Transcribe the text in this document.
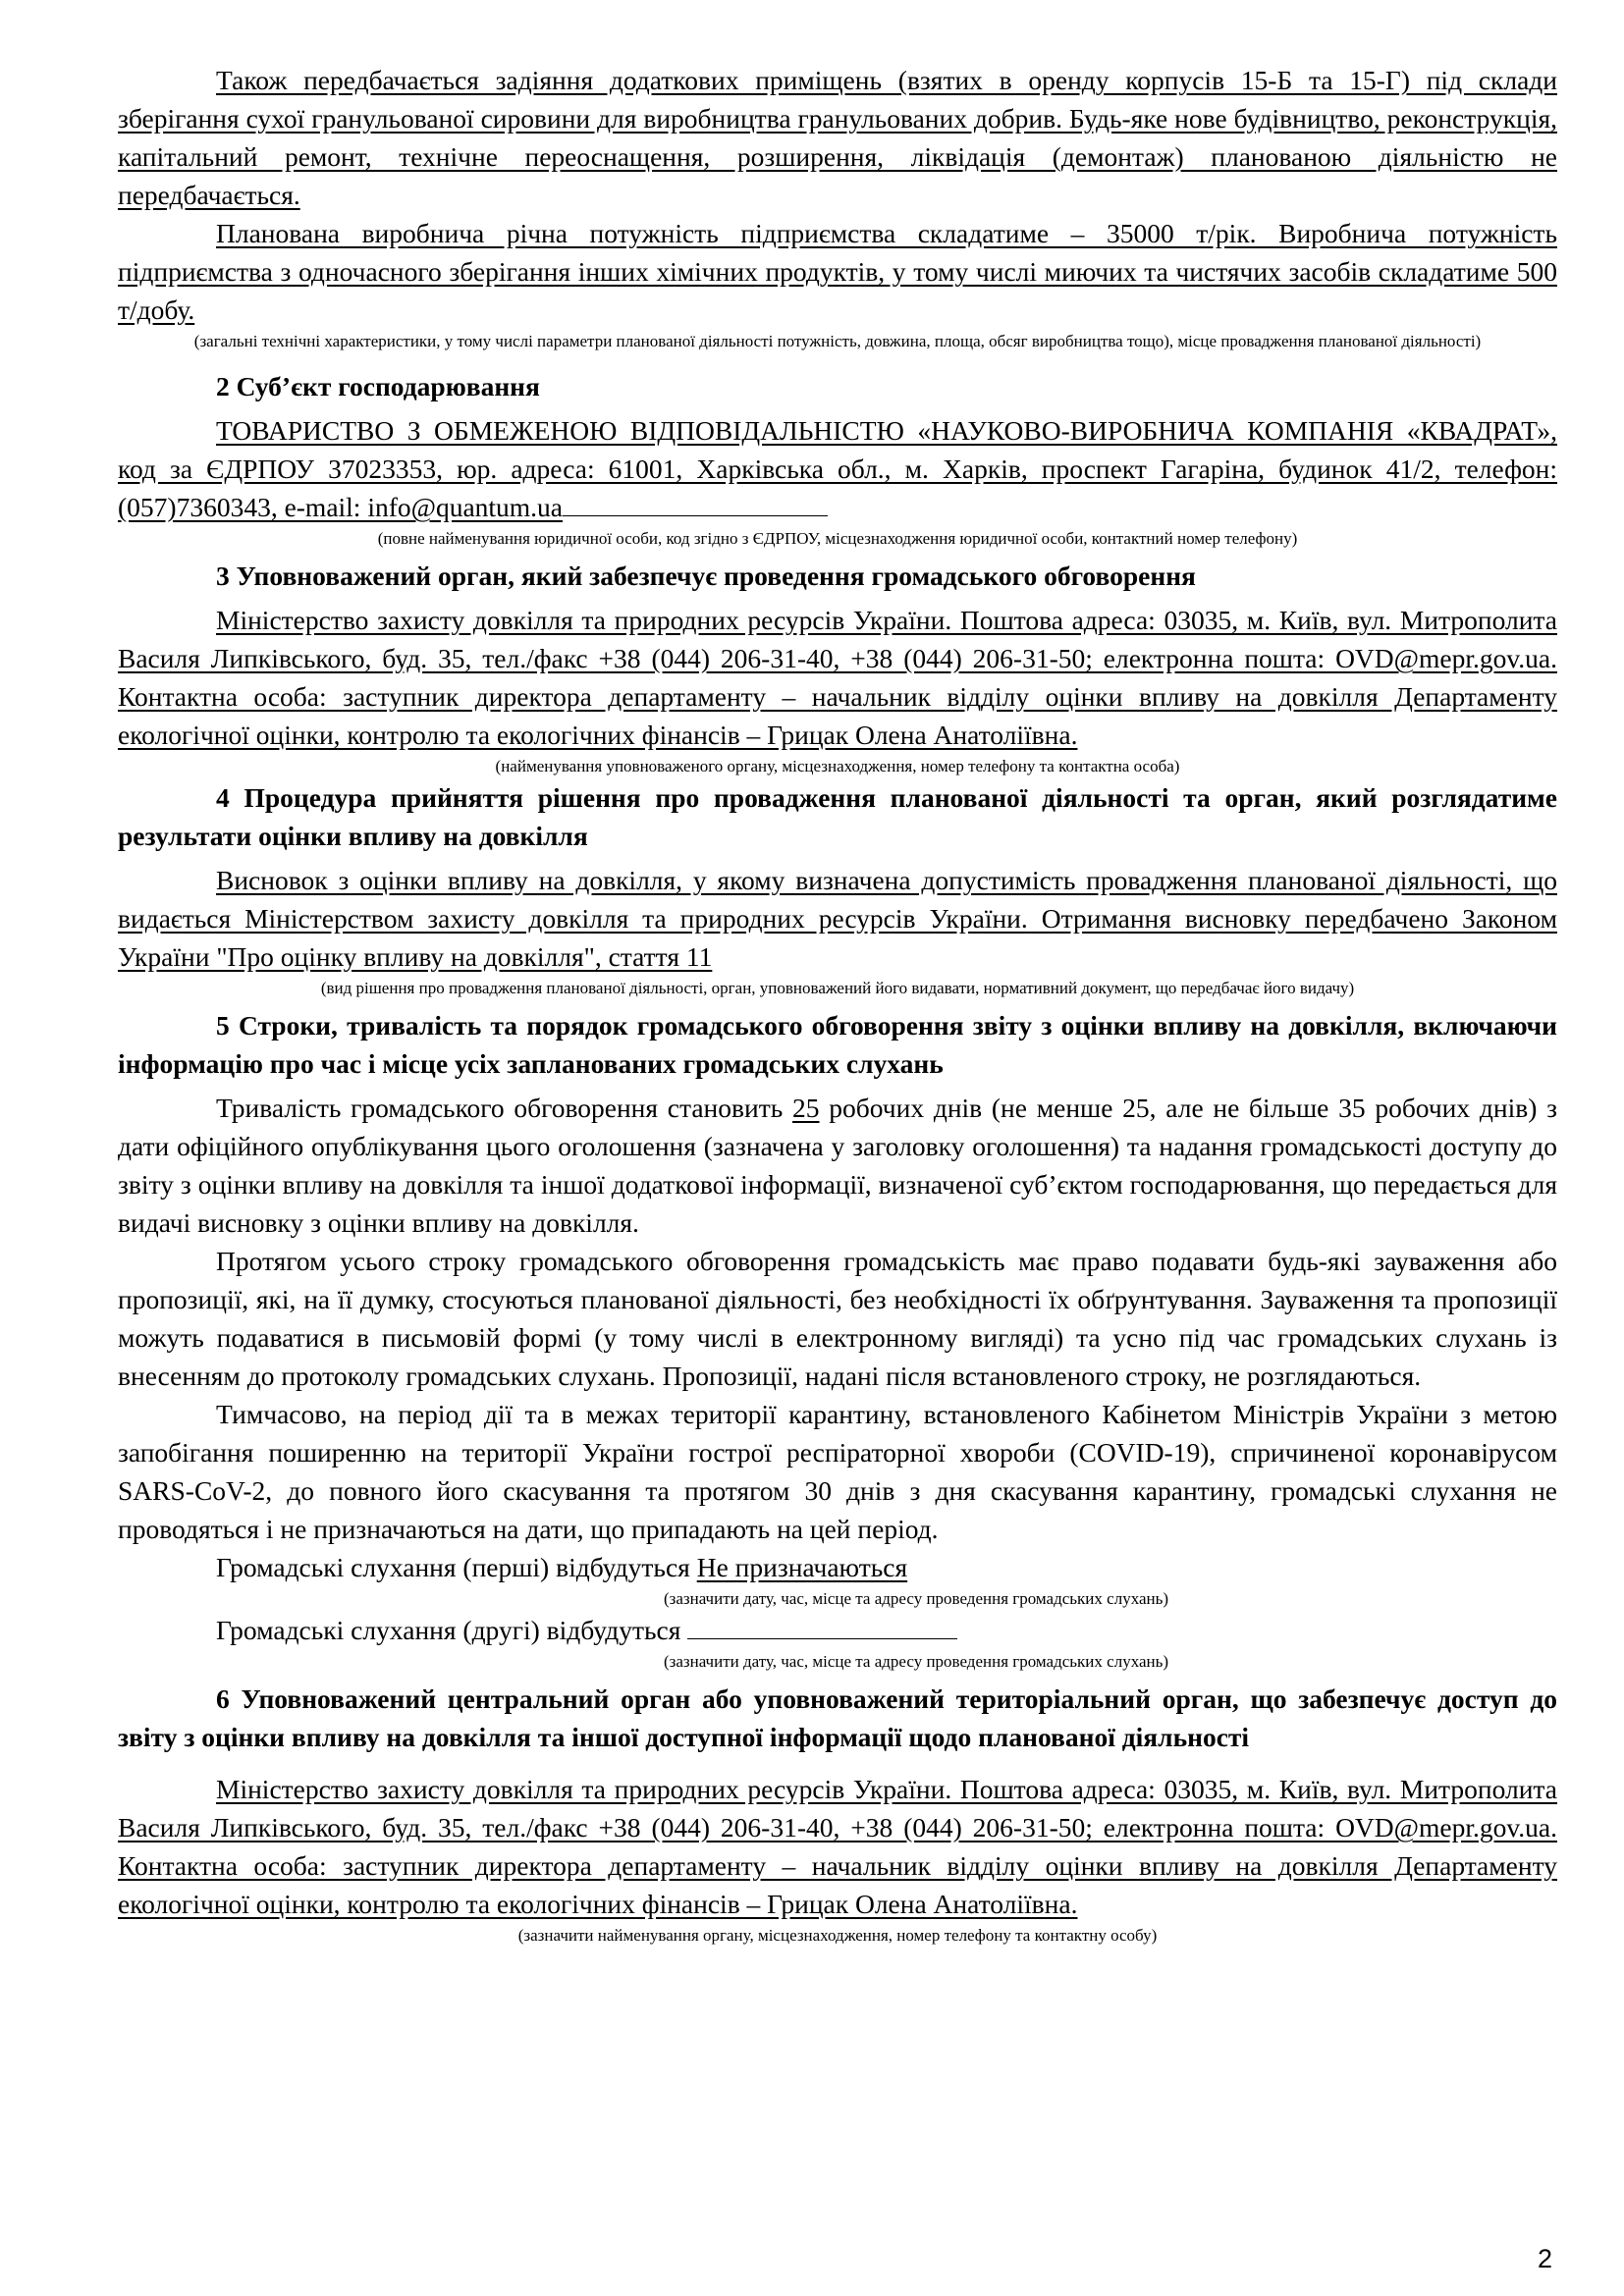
Також передбачається задіяння додаткових приміщень (взятих в оренду корпусів 15-Б та 15-Г) під склади зберігання сухої гранульованої сировини для виробництва гранульованих добрив. Будь-яке нове будівництво, реконструкція, капітальний ремонт, технічне переоснащення, розширення, ліквідація (демонтаж) планованою діяльністю не передбачається.

Планована виробнича річна потужність підприємства складатиме – 35000 т/рік. Виробнича потужність підприємства з одночасного зберігання інших хімічних продуктів, у тому числі миючих та чистячих засобів складатиме 500 т/добу.

(загальні технічні характеристики, у тому числі параметри планованої діяльності потужність, довжина, площа, обсяг виробництва тощо), місце провадження планованої діяльності)

2 Суб’єкт господарювання

ТОВАРИСТВО З ОБМЕЖЕНОЮ ВІДПОВІДАЛЬНІСТЮ «НАУКОВО-ВИРОБНИЧА КОМПАНІЯ «КВАДРАТ», код за ЄДРПОУ 37023353, юр. адреса: 61001, Харківська обл., м. Харків, проспект Гагаріна, будинок 41/2, телефон: (057)7360343, e-mail: info@quantum.ua

(повне найменування юридичної особи, код згідно з ЄДРПОУ, місцезнаходження юридичної особи, контактний номер телефону)

3 Уповноважений орган, який забезпечує проведення громадського обговорення

Міністерство захисту довкілля та природних ресурсів України. Поштова адреса: 03035, м. Київ, вул. Митрополита Василя Липківського, буд. 35, тел./факс +38 (044) 206-31-40, +38 (044) 206-31-50; електронна пошта: OVD@mepr.gov.ua. Контактна особа: заступник директора департаменту – начальник відділу оцінки впливу на довкілля Департаменту екологічної оцінки, контролю та екологічних фінансів – Грицак Олена Анатоліївна.

(найменування уповноваженого органу, місцезнаходження, номер телефону та контактна особа)

4 Процедура прийняття рішення про провадження планованої діяльності та орган, який розглядатиме результати оцінки впливу на довкілля

Висновок з оцінки впливу на довкілля, у якому визначена допустимість провадження планованої діяльності, що видається Міністерством захисту довкілля та природних ресурсів України. Отримання висновку передбачено Законом України "Про оцінку впливу на довкілля", стаття 11

(вид рішення про провадження планованої діяльності, орган, уповноважений його видавати, нормативний документ, що передбачає його видачу)

5 Строки, тривалість та порядок громадського обговорення звіту з оцінки впливу на довкілля, включаючи інформацію про час і місце усіх запланованих громадських слухань

Тривалість громадського обговорення становить 25 робочих днів (не менше 25, але не більше 35 робочих днів) з дати офіційного опублікування цього оголошення (зазначена у заголовку оголошення) та надання громадськості доступу до звіту з оцінки впливу на довкілля та іншої додаткової інформації, визначеної суб’єктом господарювання, що передається для видачі висновку з оцінки впливу на довкілля.

Протягом усього строку громадського обговорення громадськість має право подавати будь-які зауваження або пропозиції, які, на її думку, стосуються планованої діяльності, без необхідності їх обґрунтування. Зауваження та пропозиції можуть подаватися в письмовій формі (у тому числі в електронному вигляді) та усно під час громадських слухань із внесенням до протоколу громадських слухань. Пропозиції, надані після встановленого строку, не розглядаються.

Тимчасово, на період дії та в межах території карантину, встановленого Кабінетом Міністрів України з метою запобігання поширенню на території України гострої респіраторної хвороби (COVID-19), спричиненої коронавірусом SARS-CoV-2, до повного його скасування та протягом 30 днів з дня скасування карантину, громадські слухання не проводяться і не призначаються на дати, що припадають на цей період.

Громадські слухання (перші) відбудуться Не призначаються

(зазначити дату, час, місце та адресу проведення громадських слухань)

Громадські слухання (другі) відбудуться

(зазначити дату, час, місце та адресу проведення громадських слухань)

6 Уповноважений центральний орган або уповноважений територіальний орган, що забезпечує доступ до звіту з оцінки впливу на довкілля та іншої доступної інформації щодо планованої діяльності

Міністерство захисту довкілля та природних ресурсів України. Поштова адреса: 03035, м. Київ, вул. Митрополита Василя Липківського, буд. 35, тел./факс +38 (044) 206-31-40, +38 (044) 206-31-50; електронна пошта: OVD@mepr.gov.ua. Контактна особа: заступник директора департаменту – начальник відділу оцінки впливу на довкілля Департаменту екологічної оцінки, контролю та екологічних фінансів – Грицак Олена Анатоліївна.

(зазначити найменування органу, місцезнаходження, номер телефону та контактну особу)

2
